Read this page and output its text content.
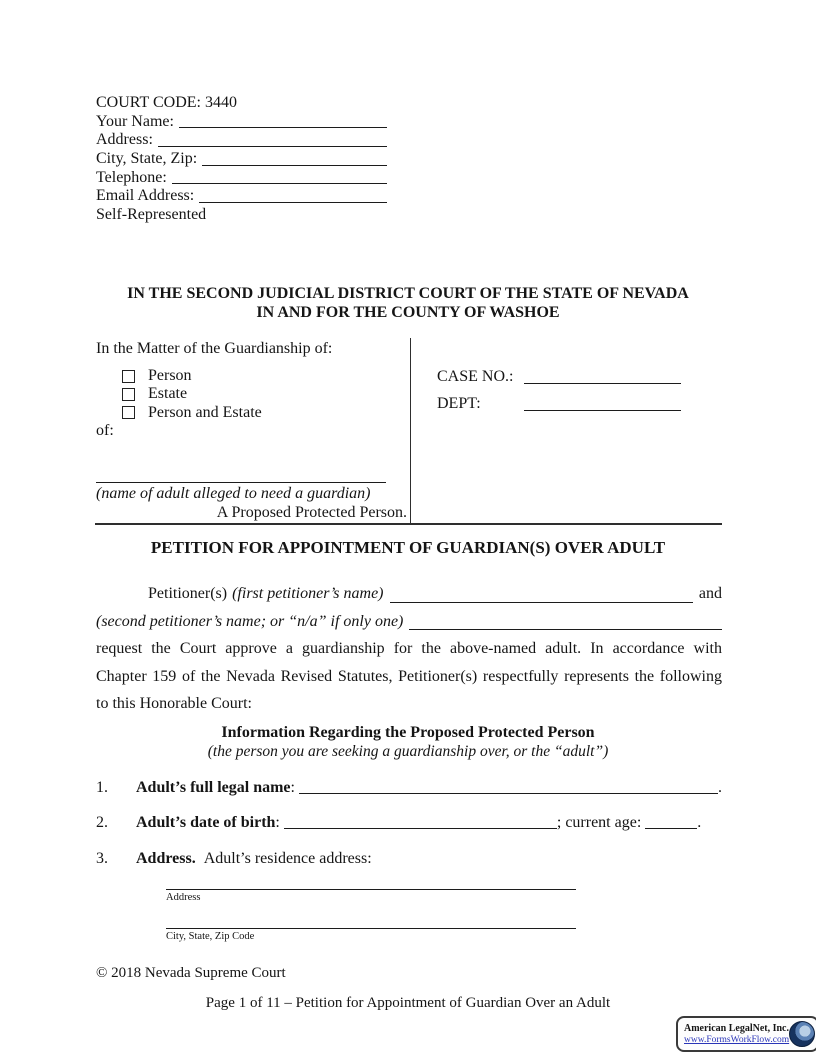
COURT CODE: 3440
Your Name:
Address:
City, State, Zip:
Telephone:
Email Address:
Self-Represented
IN THE SECOND JUDICIAL DISTRICT COURT OF THE STATE OF NEVADA
IN AND FOR THE COUNTY OF WASHOE
In the Matter of the Guardianship of:
Person
Estate
Person and Estate
of:
(name of adult alleged to need a guardian)
A Proposed Protected Person.
CASE NO.:
DEPT:
PETITION FOR APPOINTMENT OF GUARDIAN(S) OVER ADULT
Petitioner(s) (first petitioner’s name)	and
(second petitioner’s name; or “n/a” if only one)
request the Court approve a guardianship for the above-named adult. In accordance with
Chapter 159 of the Nevada Revised Statutes, Petitioner(s) respectfully represents the following
to this Honorable Court:
Information Regarding the Proposed Protected Person
(the person you are seeking a guardianship over, or the “adult”)
1.	Adult’s full legal name :	.
2.	Adult’s date of birth :	; current age:	.
3.	Address. Adult’s residence address:
Address
City, State, Zip Code
© 2018 Nevada Supreme Court
Page 1 of 11 – Petition for Appointment of Guardian Over an Adult
American LegalNet, Inc.
www.FormsWorkFlow.com
